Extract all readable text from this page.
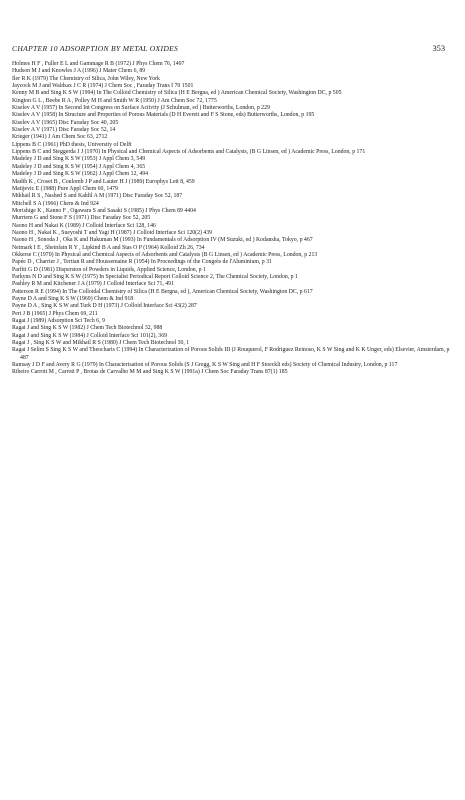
CHAPTER 10 ADSORPTION BY METAL OXIDES	353
Holmes H F , Fuller E L and Gammage R B (1972) J Phys Chem 76, 1497
Hudson M J and Knowles J A (1996) J Mater Chem 6, 89
Iler R K (1979) The Chemistry of Silica, John Wiley, New York
Jaycock M J and Waldsax J C R (1974) J Chem Soc , Faraday Trans I 70 1501
Kenny M B and Sing K S W (1994) In The Colloid Chemistry of Silica (H E Bergna, ed ) American Chemical Society, Washington DC, p 505
Kington G L , Beebe R A , Polley M H and Smith W R (1950) J Am Chem Soc 72, 1775
Kiselev A V (1957) In Second Int Congress on Surface Activity (J Schulman, ed ) Butterworths, London, p 229
Kiselev A V (1958) In Structure and Properties of Porous Materials (D H Everett and F S Stone, eds) Butterworths, London, p 195
Kiselev A V (1965) Disc Faraday Soc 40, 205
Kiselev A V (1971) Disc Faraday Soc 52, 14
Krieger (1941) J Am Chem Soc 63, 2712
Lippens B C (1961) PhD thesis, University of Delft
Lippens B C and Steggerda J J (1970) In Physical and Chemical Aspects of Adsorbents and Catalysts, (B G Linsen, ed ) Academic Press, London, p 171
Madeley J D and Sing K S W (1953) J Appl Chem 3, 549
Madeley J D and Sing K S W (1954) J Appl Chem 4, 365
Madeley J D and Sing K S W (1962) J Appl Chem 12, 494
Madih K , Croset B , Coulomb J P and Lauter H J (1989) Europhys Lett 8, 459
Matijevic E (1988) Pure Appl Chem 60, 1479
Mikhail R S , Nashed S and Kahlil A M (1971) Disc Faraday Soc 52, 187
Mitchell S A (1966) Chem & Ind 924
Morishige K , Kanno F , Ogawara S and Sasaki S (1985) J Phys Chem 89 4404
Murrtem G and Stone F S (1971) Disc Faraday Soc 52, 205
Naono H and Nakai K (1989) J Colloid Interface Sci 128, 146
Naono H , Nakai K , Sueyoshi T and Yagi H (1987) J Colloid Interface Sci 120(2) 439
Naono H , Sonoda J , Oka K and Hakuman M (1993) In Fundamentals of Adsorption IV (M Suzuki, ed ) Kodansha, Tokyo, p 467
Neimark I E , Sheinfain R Y , Lipkind B A and Stas O P (1964) Kolloid Zh 26, 734
Okkerse C (1970) In Physical and Chemical Aspects of Adsorbents and Catalysts (B G Linsen, ed ) Academic Press, London, p 213
Papée D , Charrier J , Tertian R and Houssemaine R (1954) In Proceedings of the Congrès de l'Aluminium, p 31
Parfitt G D (1981) Dispersion of Powders in Liquids, Applied Science, London, p 1
Parkyns N D and Sing K S W (1975) In Specialist Periodical Report Colloid Science 2, The Chemical Society, London, p 1
Pashley R M and Kitchener J A (1979) J Colloid Interface Sci 71, 491
Patterson R E (1994) In The Colloidal Chemistry of Silica (H E Bergna, ed ), American Chemical Society, Washington DC, p 617
Payne D A and Sing K S W (1969) Chem & Ind 918
Payne D A , Sing K S W and Turk D H (1973) J Colloid Interface Sci 43(2) 287
Peri J B (1965) J Phys Chem 69, 211
Ragai J (1989) Adsorption Sci Tech 6, 9
Ragai J and Sing K S W (1982) J Chem Tech Biotechnol 32, 988
Ragai J and Sing K S W (1984) J Colloid Interface Sci 101(2), 369
Ragai J , Sing K S W and Mikhail R S (1980) J Chem Tech Biotechnol 30, 1
Ragai J Selim S Sing K S W and Theocharis C (1994) In Characterization of Porous Solids III (J Rouquerol, F Rodriguez Reinoso, K S W Sing and K K Unger, eds) Elsevier, Amsterdam, p 487
Ramsay J D F and Avery R G (1979) In Characterisation of Porous Solids (S J Gregg, K S W Sing and H F Stoeckli eds) Society of Chemical Industry, London, p 117
Ribeiro Carrott M , Carrott P , Brotas de Carvalho M M and Sing K S W (1991a) J Chem Soc Faraday Trans 87(1) 185
